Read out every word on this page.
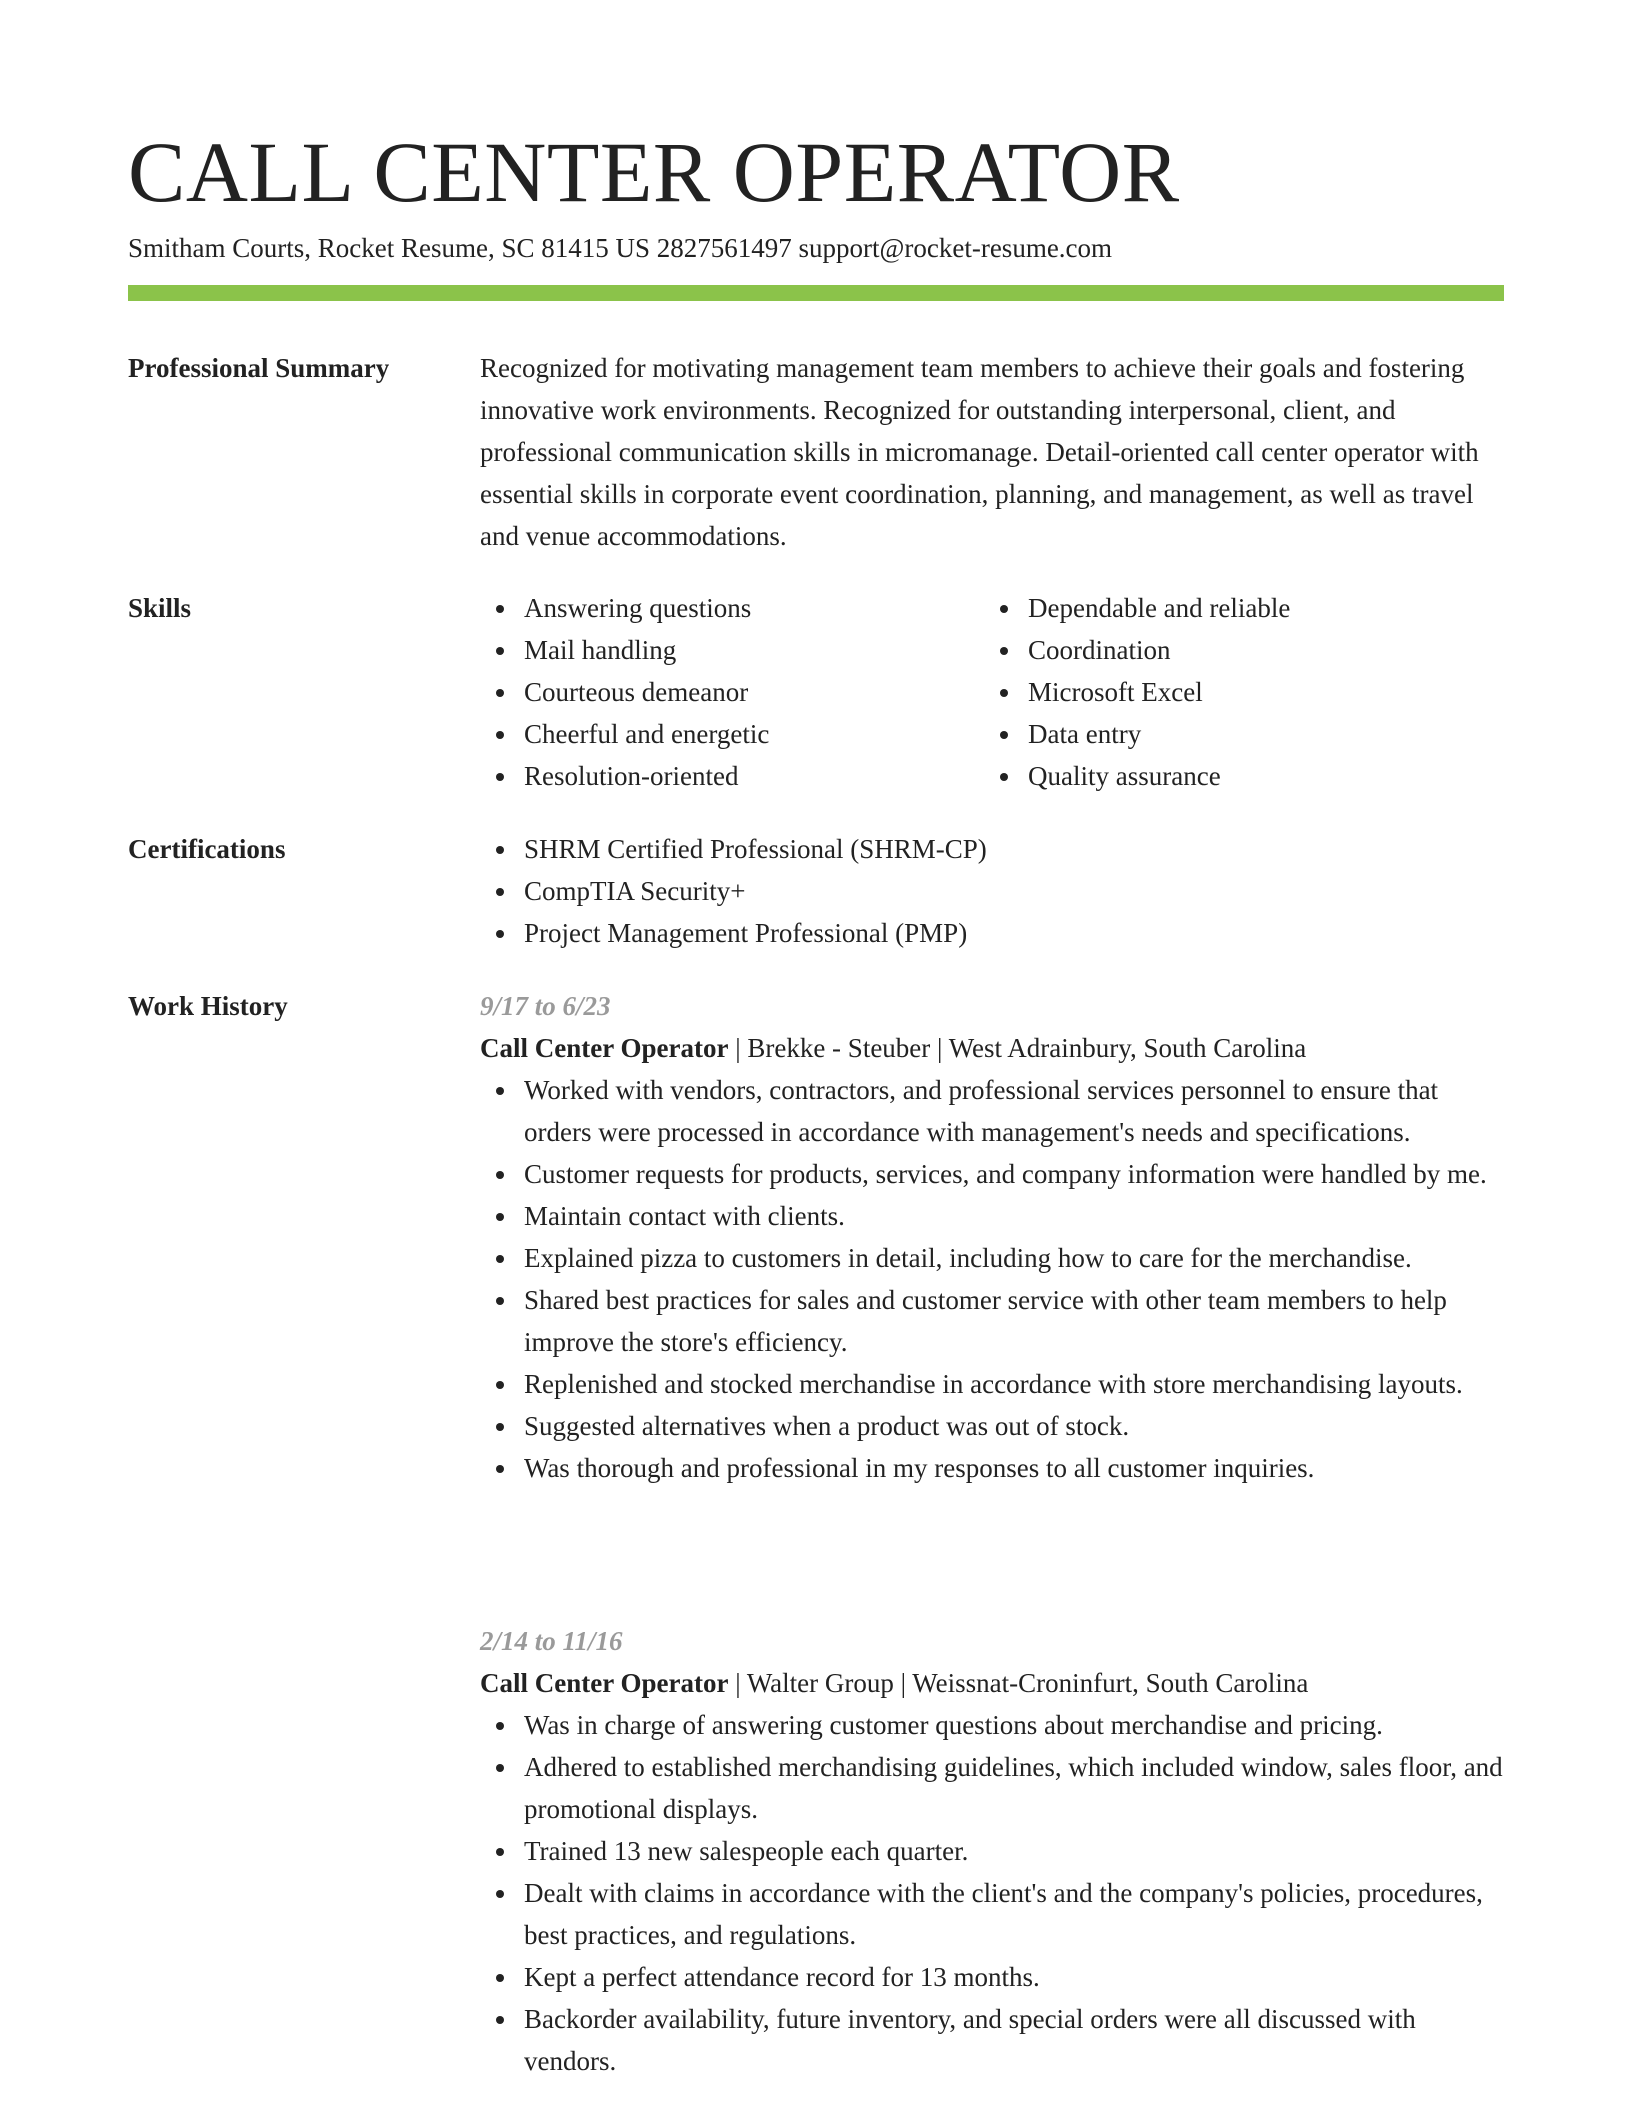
CALL CENTER OPERATOR
Smitham Courts, Rocket Resume, SC 81415 US 2827561497 support@rocket-resume.com
Professional Summary	Recognized for motivating management team members to achieve their goals and fostering innovative work environments. Recognized for outstanding interpersonal, client, and professional communication skills in micromanage. Detail-oriented call center operator with essential skills in corporate event coordination, planning, and management, as well as travel and venue accommodations.

Skills	Answering questions
Mail handling
Courteous demeanor
Cheerful and energetic
Resolution-oriented
Dependable and reliable
Coordination
Microsoft Excel
Data entry
Quality assurance
Certifications	SHRM Certified Professional (SHRM-CP)
CompTIA Security+
Project Management Professional (PMP)
Work History	9/17 to 6/23
Call Center Operator | Brekke - Steuber | West Adrainbury, South Carolina
Worked with vendors, contractors, and professional services personnel to ensure that orders were processed in accordance with management's needs and specifications.
Customer requests for products, services, and company information were handled by me.
Maintain contact with clients.
Explained pizza to customers in detail, including how to care for the merchandise.
Shared best practices for sales and customer service with other team members to help improve the store's efficiency.
Replenished and stocked merchandise in accordance with store merchandising layouts.
Suggested alternatives when a product was out of stock.
Was thorough and professional in my responses to all customer inquiries.
2/14 to 11/16
Call Center Operator | Walter Group | Weissnat-Croninfurt, South Carolina
Was in charge of answering customer questions about merchandise and pricing.
Adhered to established merchandising guidelines, which included window, sales floor, and promotional displays.
Trained 13 new salespeople each quarter.
Dealt with claims in accordance with the client's and the company's policies, procedures, best practices, and regulations.
Kept a perfect attendance record for 13 months.
Backorder availability, future inventory, and special orders were all discussed with vendors.
